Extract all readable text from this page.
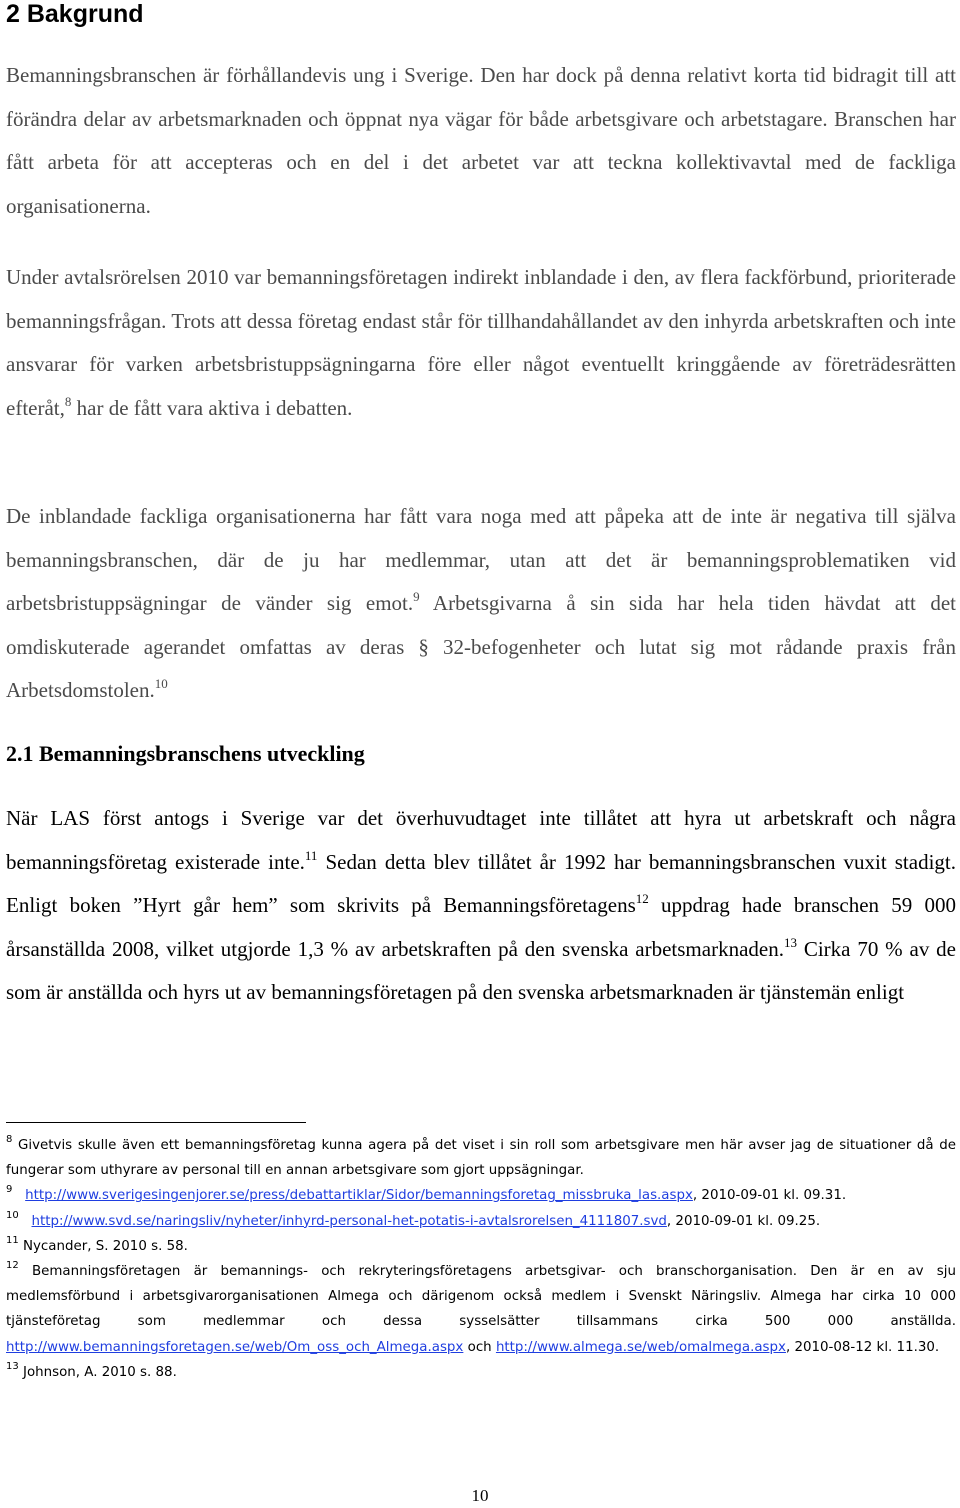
2 Bakgrund

Bemanningsbranschen är förhållandevis ung i Sverige. Den har dock på denna relativt korta tid bidragit till att förändra delar av arbetsmarknaden och öppnat nya vägar för både arbetsgivare och arbetstagare. Branschen har fått arbeta för att accepteras och en del i det arbetet var att teckna kollektivavtal med de fackliga organisationerna.

Under avtalsrörelsen 2010 var bemanningsföretagen indirekt inblandade i den, av flera fackförbund, prioriterade bemanningsfrågan. Trots att dessa företag endast står för tillhandahållandet av den inhyrda arbetskraften och inte ansvarar för varken arbetsbristuppsägningarna före eller något eventuellt kringgående av företrädesrätten efteråt,$^8$ har de fått vara aktiva i debatten.

De inblandade fackliga organisationerna har fått vara noga med att påpeka att de inte är negativa till själva bemanningsbranschen, där de ju har medlemmar, utan att det är bemanningsproblematiken vid arbetsbristuppsägningar de vänder sig emot.$^9$ Arbetsgivarna å sin sida har hela tiden hävdat att det omdiskuterade agerandet omfattas av deras § 32-befogenheter och lutat sig mot rådande praxis från Arbetsdomstolen.$^{10}$

2.1 Bemanningsbranschens utveckling

När LAS först antogs i Sverige var det överhuvudtaget inte tillåtet att hyra ut arbetskraft och några bemanningsföretag existerade inte.$^{11}$ Sedan detta blev tillåtet år 1992 har bemanningsbranschen vuxit stadigt. Enligt boken ”Hyrt går hem” som skrivits på Bemanningsföretagens$^{12}$ uppdrag hade branschen 59 000 årsanställda 2008, vilket utgjorde 1,3 % av arbetskraften på den svenska arbetsmarknaden.$^{13}$ Cirka 70 % av de som är anställda och hyrs ut av bemanningsföretagen på den svenska arbetsmarknaden är tjänstemän enligt

$^8$ Givetvis skulle även ett bemanningsföretag kunna agera på det viset i sin roll som arbetsgivare men här avser jag de situationer då de fungerar som uthyrare av personal till en annan arbetsgivare som gjort uppsägningar.

$^9$ http://www.sverigesingenjorer.se/press/debattartiklar/Sidor/bemanningsforetag_missbruka_las.aspx, 2010-09-01 kl. 09.31.

$^{10}$ http://www.svd.se/naringsliv/nyheter/inhyrd-personal-het-potatis-i-avtalsrorelsen_4111807.svd, 2010-09-01 kl. 09.25.

$^{11}$ Nycander, S. 2010 s. 58.

$^{12}$ Bemanningsföretagen är bemannings- och rekryteringsföretagens arbetsgivar- och branschorganisation. Den är en av sju medlemsförbund i arbetsgivarorganisationen Almega och därigenom också medlem i Svenskt Näringsliv. Almega har cirka 10 000 tjänsteföretag som medlemmar och dessa sysselsätter tillsammans cirka 500 000 anställda. http://www.bemanningsforetagen.se/web/Om_oss_och_Almega.aspx och http://www.almega.se/web/omalmega.aspx, 2010-08-12 kl. 11.30.

$^{13}$ Johnson, A. 2010 s. 88.

10
